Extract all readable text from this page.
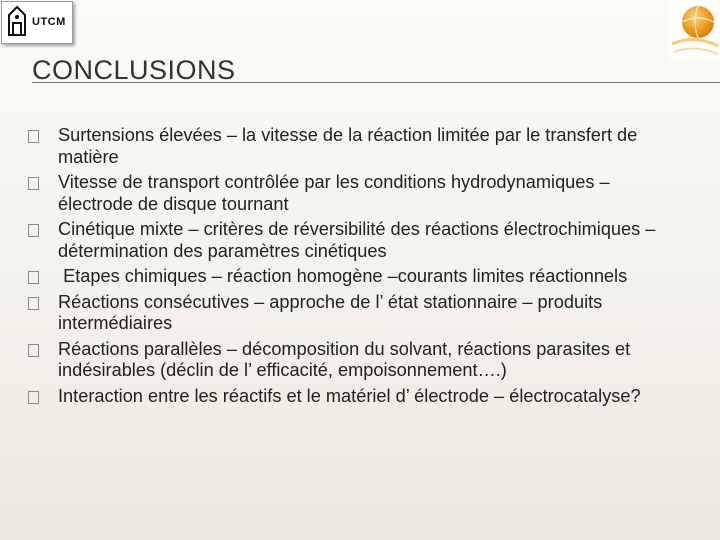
UTCM
CONCLUSIONS
Surtensions élevées – la vitesse de la réaction limitée par le transfert de matière
Vitesse de transport contrôlée par les conditions hydrodynamiques – électrode de disque tournant
Cinétique mixte – critères de réversibilité des réactions électrochimiques – détermination des paramètres cinétiques
Etapes chimiques – réaction homogène –courants limites réactionnels
Réactions consécutives – approche de l’ état stationnaire – produits intermédiaires
Réactions parallèles – décomposition du solvant, réactions parasites et indésirables (déclin de l’ efficacité, empoisonnement….)
Interaction entre les réactifs et le matériel d’ électrode – électrocatalyse?
